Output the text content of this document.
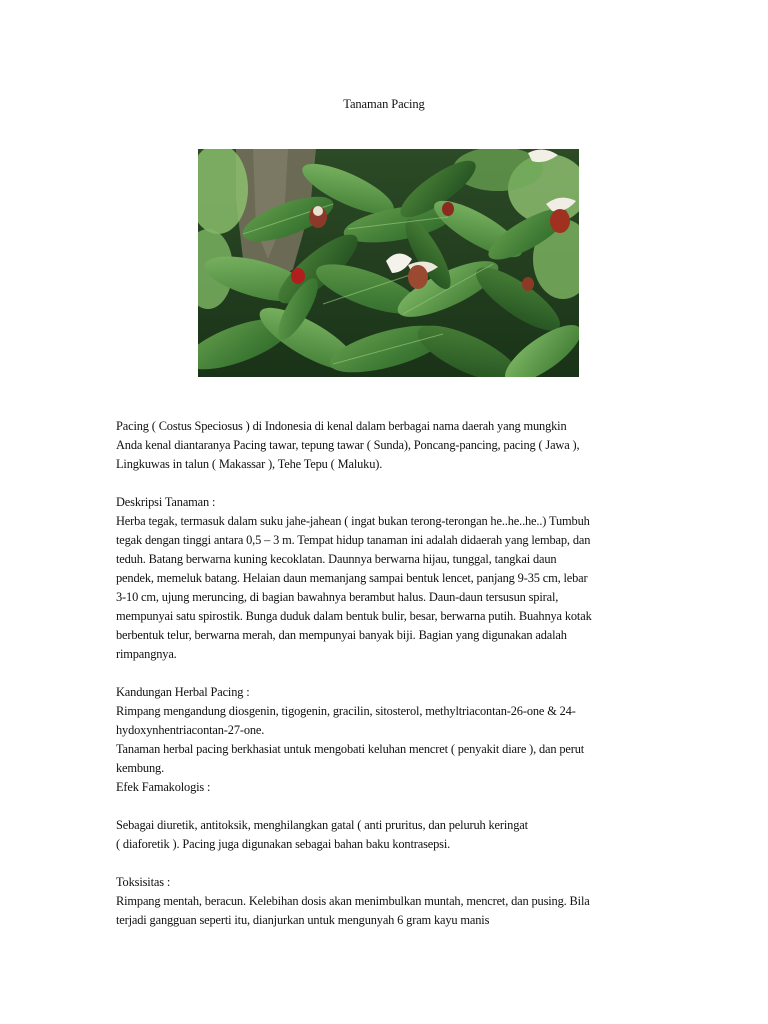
Tanaman Pacing
Pacing ( Costus Speciosus ) di Indonesia di kenal dalam berbagai nama daerah yang mungkin
Anda kenal diantaranya Pacing tawar, tepung tawar ( Sunda), Poncang-pancing, pacing ( Jawa ),
Lingkuwas in talun ( Makassar ), Tehe Tepu ( Maluku).
Deskripsi Tanaman :
Herba tegak, termasuk dalam suku jahe-jahean ( ingat bukan terong-terongan he..he..he..) Tumbuh
tegak dengan tinggi antara 0,5 – 3 m. Tempat hidup tanaman ini adalah didaerah yang lembap, dan
teduh. Batang berwarna kuning kecoklatan. Daunnya berwarna hijau, tunggal, tangkai daun
pendek, memeluk batang. Helaian daun memanjang sampai bentuk lencet, panjang 9-35 cm, lebar
3-10 cm, ujung meruncing, di bagian bawahnya berambut halus. Daun-daun tersusun spiral,
mempunyai satu spirostik. Bunga duduk dalam bentuk bulir, besar, berwarna putih. Buahnya kotak
berbentuk telur, berwarna merah, dan mempunyai banyak biji. Bagian yang digunakan adalah
rimpangnya.
Kandungan Herbal Pacing :
Rimpang mengandung diosgenin, tigogenin, gracilin, sitosterol, methyltriacontan-26-one & 24-
hydoxynhentriacontan-27-one.
Tanaman herbal pacing berkhasiat untuk mengobati keluhan mencret ( penyakit diare ), dan perut
kembung.
Efek Famakologis :
Sebagai diuretik, antitoksik, menghilangkan gatal ( anti pruritus, dan peluruh keringat
( diaforetik ). Pacing juga digunakan sebagai bahan baku kontrasepsi.
Toksisitas :
Rimpang mentah, beracun. Kelebihan dosis akan menimbulkan muntah, mencret, dan pusing. Bila
terjadi gangguan seperti itu, dianjurkan untuk mengunyah 6 gram kayu manis
